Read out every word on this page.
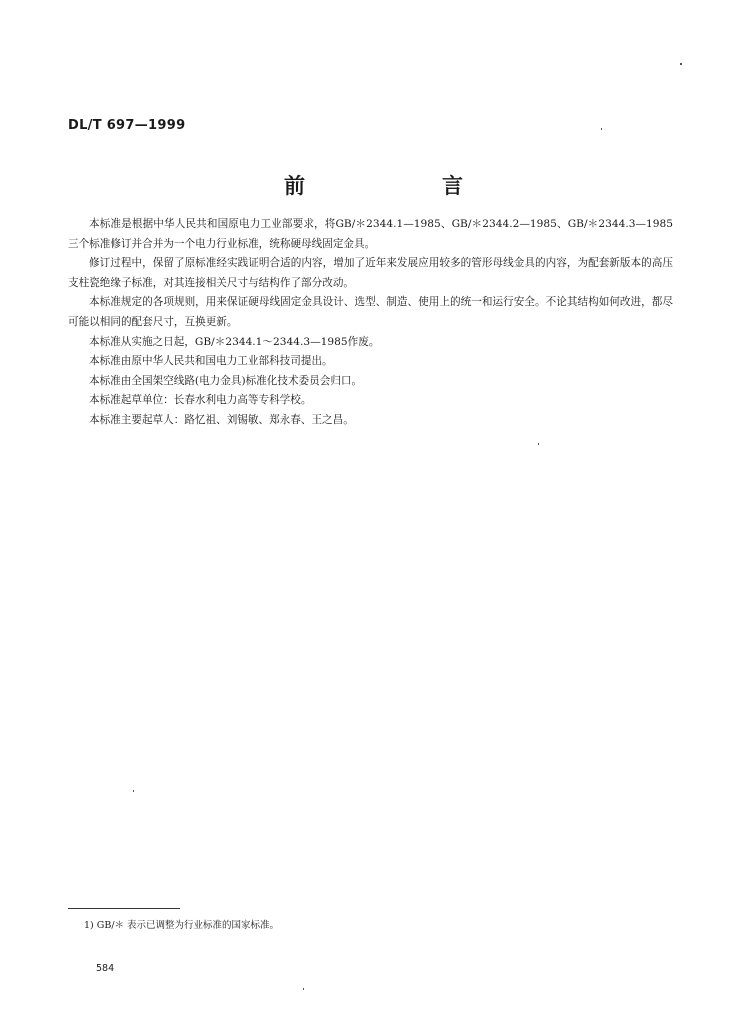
DL/T 697—1999
前　言

本标准是根据中华人民共和国原电力工业部要求，将GB/＊2344.1—1985、GB/＊2344.2—1985、GB/＊2344.3—1985三个标准修订并合并为一个电力行业标准，统称硬母线固定金具。

修订过程中，保留了原标准经实践证明合适的内容，增加了近年来发展应用较多的管形母线金具的内容，为配套新版本的高压支柱瓷绝缘子标准，对其连接相关尺寸与结构作了部分改动。

本标准规定的各项规则，用来保证硬母线固定金具设计、选型、制造、使用上的统一和运行安全。不论其结构如何改进，都尽可能以相同的配套尺寸，互换更新。

本标准从实施之日起，GB/＊2344.1～2344.3—1985作废。

本标准由原中华人民共和国电力工业部科技司提出。

本标准由全国架空线路(电力金具)标准化技术委员会归口。

本标准起草单位：长春水利电力高等专科学校。

本标准主要起草人：路忆祖、刘锡敏、郑永春、王之昌。

1) GB/＊ 表示已调整为行业标准的国家标准。
584
